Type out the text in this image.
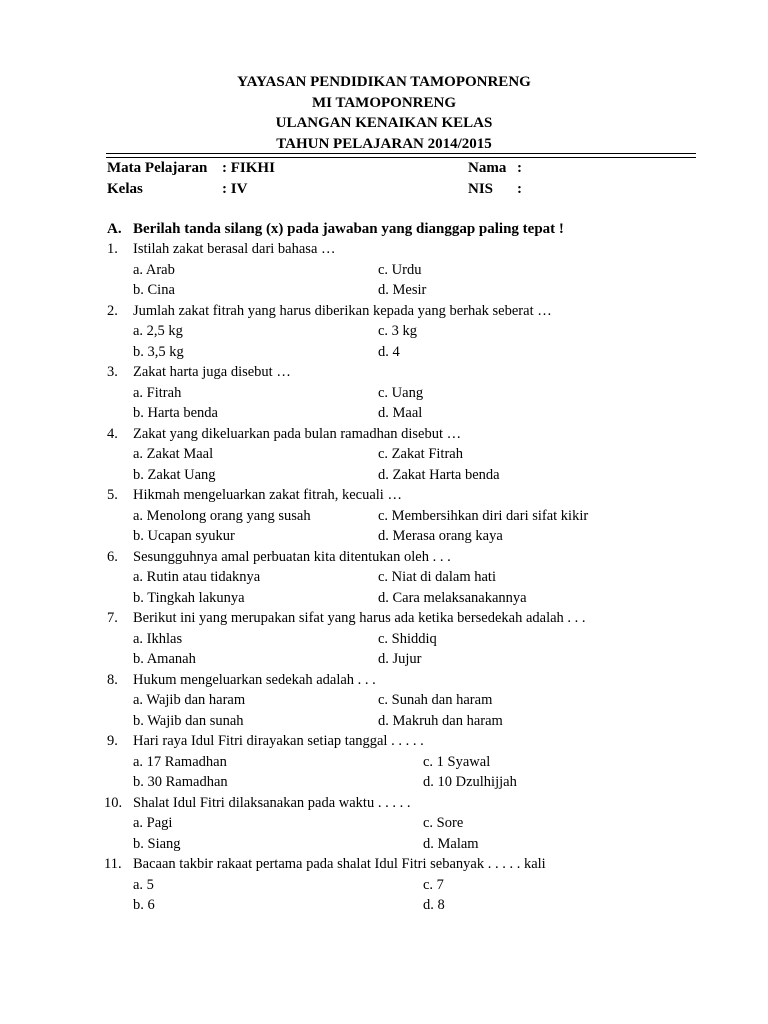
YAYASAN PENDIDIKAN TAMOPONRENG
MI TAMOPONRENG
ULANGAN KENAIKAN KELAS
TAHUN PELAJARAN 2014/2015
Mata Pelajaran : FIKHI	Nama :
Kelas	: IV	NIS :
A. Berilah tanda silang (x) pada jawaban yang dianggap paling tepat !
1. Istilah zakat berasal dari bahasa …
a. Arab	c. Urdu
b. Cina	d. Mesir
2. Jumlah zakat fitrah yang harus diberikan kepada yang berhak seberat …
a. 2,5 kg	c. 3 kg
b. 3,5 kg	d. 4
3. Zakat harta juga disebut …
a. Fitrah	c. Uang
b. Harta benda	d. Maal
4. Zakat yang dikeluarkan pada bulan ramadhan disebut …
a. Zakat Maal	c. Zakat Fitrah
b. Zakat Uang	d. Zakat Harta benda
5. Hikmah mengeluarkan zakat fitrah, kecuali …
a. Menolong orang yang susah	c. Membersihkan diri dari sifat kikir
b. Ucapan syukur	d. Merasa orang kaya
6. Sesungguhnya amal perbuatan kita ditentukan oleh . . .
a. Rutin atau tidaknya	c. Niat di dalam hati
b. Tingkah lakunya	d. Cara melaksanakannya
7. Berikut ini yang merupakan sifat yang harus ada ketika bersedekah adalah . . .
a. Ikhlas	c. Shiddiq
b. Amanah	d. Jujur
8. Hukum mengeluarkan sedekah adalah . . .
a. Wajib dan haram	c. Sunah dan haram
b. Wajib dan sunah	d. Makruh dan haram
9. Hari raya Idul Fitri dirayakan setiap tanggal . . . . .
a. 17 Ramadhan	c. 1 Syawal
b. 30 Ramadhan	d. 10 Dzulhijjah
10. Shalat Idul Fitri dilaksanakan pada waktu . . . . .
a. Pagi	c. Sore
b. Siang	d. Malam
11. Bacaan takbir rakaat pertama pada shalat Idul Fitri sebanyak . . . . . kali
a. 5	c. 7
b. 6	d. 8
